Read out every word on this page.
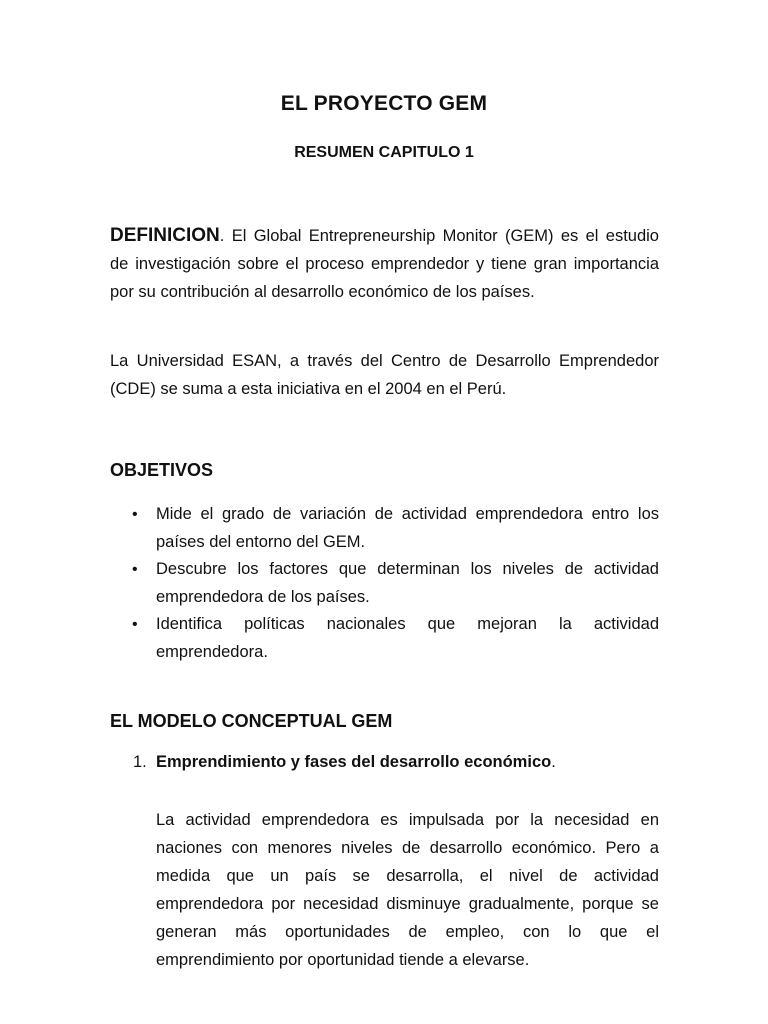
EL PROYECTO GEM
RESUMEN CAPITULO 1
DEFINICION. El Global Entrepreneurship Monitor (GEM) es el estudio de investigación sobre el proceso emprendedor y tiene gran importancia por su contribución al desarrollo económico de los países.
La Universidad ESAN, a través del Centro de Desarrollo Emprendedor (CDE) se suma a esta iniciativa en el 2004 en el Perú.
OBJETIVOS
• Mide el grado de variación de actividad emprendedora entro los países del entorno del GEM.
• Descubre los factores que determinan los niveles de actividad emprendedora de los países.
• Identifica políticas nacionales que mejoran la actividad emprendedora.
EL MODELO CONCEPTUAL GEM
1. Emprendimiento y fases del desarrollo económico.
La actividad emprendedora es impulsada por la necesidad en naciones con menores niveles de desarrollo económico. Pero a medida que un país se desarrolla, el nivel de actividad emprendedora por necesidad disminuye gradualmente, porque se generan más oportunidades de empleo, con lo que el emprendimiento por oportunidad tiende a elevarse.
